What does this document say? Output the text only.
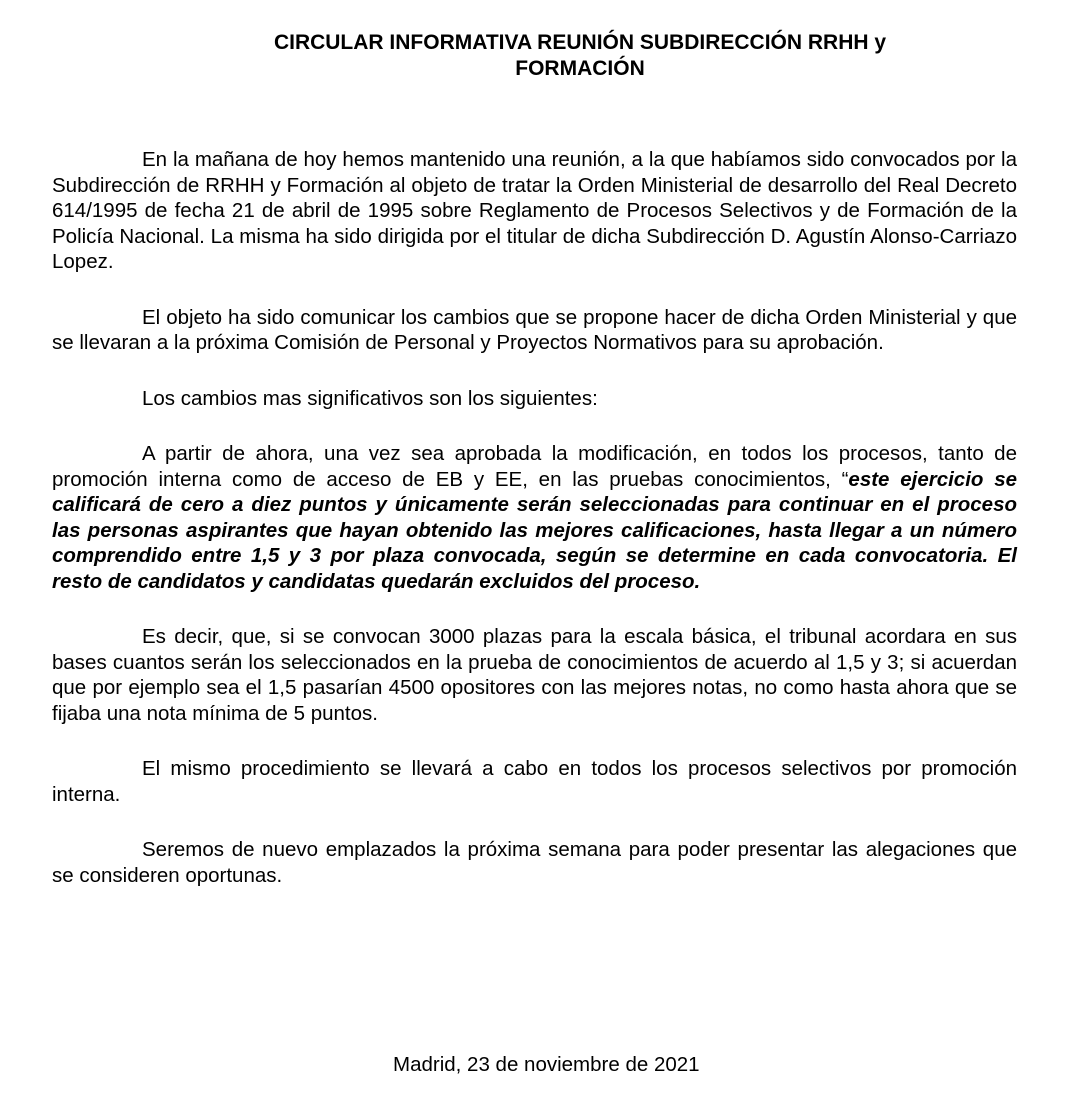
CIRCULAR INFORMATIVA REUNIÓN SUBDIRECCIÓN RRHH y
FORMACIÓN

En la mañana de hoy hemos mantenido una reunión, a la que habíamos sido convocados por la Subdirección de RRHH y Formación al objeto de tratar la Orden Ministerial de desarrollo del Real Decreto 614/1995 de fecha 21 de abril de 1995 sobre Reglamento de Procesos Selectivos y de Formación de la Policía Nacional. La misma ha sido dirigida por el titular de dicha Subdirección D. Agustín Alonso-Carriazo Lopez.

El objeto ha sido comunicar los cambios que se propone hacer de dicha Orden Ministerial y que se llevaran a la próxima Comisión de Personal y Proyectos Normativos para su aprobación.

Los cambios mas significativos son los siguientes:

A partir de ahora, una vez sea aprobada la modificación, en todos los procesos, tanto de promoción interna como de acceso de EB y EE, en las pruebas conocimientos, “este ejercicio se calificará de cero a diez puntos y únicamente serán seleccionadas para continuar en el proceso las personas aspirantes que hayan obtenido las mejores calificaciones, hasta llegar a un número comprendido entre 1,5 y 3 por plaza convocada, según se determine en cada convocatoria. El resto de candidatos y candidatas quedarán excluidos del proceso.

Es decir, que, si se convocan 3000 plazas para la escala básica, el tribunal acordara en sus bases cuantos serán los seleccionados en la prueba de conocimientos de acuerdo al 1,5 y 3; si acuerdan que por ejemplo sea el 1,5 pasarían 4500 opositores con las mejores notas, no como hasta ahora que se fijaba una nota mínima de 5 puntos.

El mismo procedimiento se llevará a cabo en todos los procesos selectivos por promoción interna.

Seremos de nuevo emplazados la próxima semana para poder presentar las alegaciones que se consideren oportunas.

Madrid, 23 de noviembre de 2021
